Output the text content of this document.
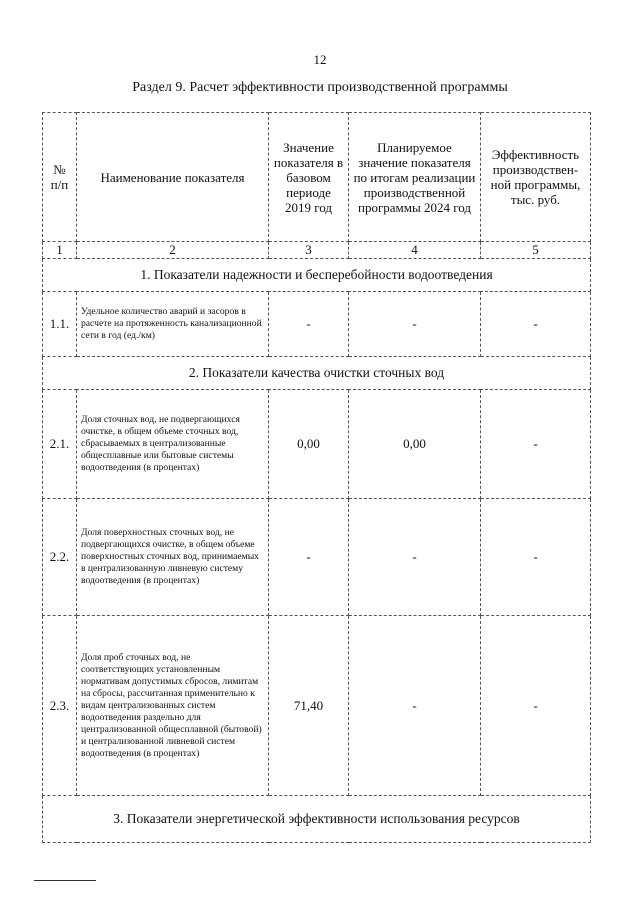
12
Раздел 9. Расчет эффективности производственной программы
№ п/п	Наименование показателя	Значение показателя в базовом периоде 2019 год	Планируемое значение показателя по итогам реализации производственной программы 2024 год	Эффективность производствен-ной программы, тыс. руб.
1	2	3	4	5
1. Показатели надежности и бесперебойности водоотведения				
1.1.	Удельное количество аварий и засоров в расчете на протяженность канализационной сети в год (ед./км)	-	-	-
2. Показатели качества очистки сточных вод				
2.1.	Доля сточных вод, не подвергающихся очистке, в общем объеме сточных вод, сбрасываемых в централизованные общесплавные или бытовые системы водоотведения (в процентах)	0,00	0,00	-
2.2.	Доля поверхностных сточных вод, не подвергающихся очистке, в общем объеме поверхностных сточных вод, принимаемых в централизованную ливневую систему водоотведения (в процентах)	-	-	-
2.3.	Доля проб сточных вод, не соответствующих установленным нормативам допустимых сбросов, лимитам на сбросы, рассчитанная применительно к видам централизованных систем водоотведения раздельно для централизованной общесплавной (бытовой) и централизованной ливневой систем водоотведения (в процентах)	71,40	-	-
3. Показатели энергетической эффективности использования ресурсов				
